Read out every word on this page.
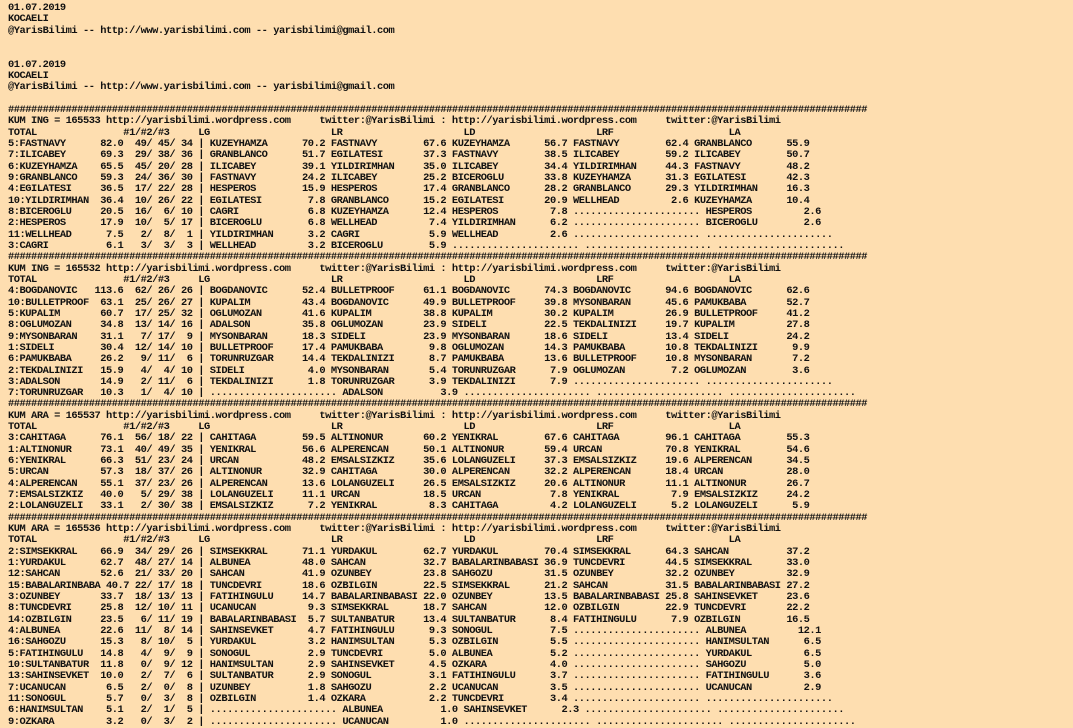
01.07.2019
KOCAELI
@YarisBilimi -- http://www.yarisbilimi.com -- yarisbilimi@gmail.com
01.07.2019
KOCAELI
@YarisBilimi -- http://www.yarisbilimi.com -- yarisbilimi@gmail.com
#####################################################################################################################################################
KUM ING = 165533 http://yarisbilimi.wordpress.com     twitter:@YarisBilimi : http://yarisbilimi.wordpress.com     twitter:@YarisBilimi
TOTAL               #1/#2/#3     LG                     LR                     LD                     LRF                    LA
5:FASTNAVY      82.0  49/ 45/ 34 | KUZEYHAMZA      70.2 FASTNAVY        67.6 KUZEYHAMZA      56.7 FASTNAVY        62.4 GRANBLANCO      55.9
7:ILICABEY      69.3  29/ 38/ 36 | GRANBLANCO      51.7 EGILATESI       37.3 FASTNAVY        38.5 ILICABEY        59.2 ILICABEY        50.7
6:KUZEYHAMZA    65.5  45/ 20/ 28 | ILICABEY        39.1 YILDIRIMHAN     35.0 ILICABEY        34.4 YILDIRIMHAN     44.3 FASTNAVY        48.2
9:GRANBLANCO    59.3  24/ 36/ 30 | FASTNAVY        24.2 ILICABEY        25.2 BICEROGLU       33.8 KUZEYHAMZA      31.3 EGILATESI       42.3
4:EGILATESI     36.5  17/ 22/ 28 | HESPEROS        15.9 HESPEROS        17.4 GRANBLANCO      28.2 GRANBLANCO      29.3 YILDIRIMHAN     16.3
10:YILDIRIMHAN  36.4  10/ 26/ 22 | EGILATESI        7.8 GRANBLANCO      15.2 EGILATESI       20.9 WELLHEAD         2.6 KUZEYHAMZA      10.4
8:BICEROGLU     20.5  16/  6/ 10 | CAGRI            6.8 KUZEYHAMZA      12.4 HESPEROS         7.8 ...................... HESPEROS         2.6
2:HESPEROS      17.9  10/  5/ 17 | BICEROGLU        6.8 WELLHEAD         7.4 YILDIRIMHAN      6.2 ...................... BICEROGLU        2.6
11:WELLHEAD      7.5   2/  8/  1 | YILDIRIMHAN      3.2 CAGRI            5.9 WELLHEAD         2.6 ...................... ......................
3:CAGRI          6.1   3/  3/  3 | WELLHEAD         3.2 BICEROGLU        5.9 ...................... ...................... ......................
#####################################################################################################################################################
KUM ING = 165532 http://yarisbilimi.wordpress.com     twitter:@YarisBilimi : http://yarisbilimi.wordpress.com     twitter:@YarisBilimi
TOTAL               #1/#2/#3     LG                     LR                     LD                     LRF                    LA
4:BOGDANOVIC   113.6  62/ 26/ 26 | BOGDANOVIC      52.4 BULLETPROOF     61.1 BOGDANOVIC      74.3 BOGDANOVIC      94.6 BOGDANOVIC      62.6
10:BULLETPROOF  63.1  25/ 26/ 27 | KUPALIM         43.4 BOGDANOVIC      49.9 BULLETPROOF     39.8 MYSONBARAN      45.6 PAMUKBABA       52.7
5:KUPALIM       60.7  17/ 25/ 32 | OGLUMOZAN       41.6 KUPALIM         38.8 KUPALIM         30.2 KUPALIM         26.9 BULLETPROOF     41.2
8:OGLUMOZAN     34.8  13/ 14/ 16 | ADALSON         35.8 OGLUMOZAN       23.9 SIDELI          22.5 TEKDALINIZI     19.7 KUPALIM         27.8
9:MYSONBARAN    31.1   7/ 17/  9 | MYSONBARAN      18.3 SIDELI          23.9 MYSONBARAN      18.6 SIDELI          13.4 SIDELI          24.2
1:SIDELI        30.4  12/ 14/ 10 | BULLETPROOF     17.4 PAMUKBABA        9.8 OGLUMOZAN       14.3 PAMUKBABA       10.8 TEKDALINIZI      9.9
6:PAMUKBABA     26.2   9/ 11/  6 | TORUNRUZGAR     14.4 TEKDALINIZI      8.7 PAMUKBABA       13.6 BULLETPROOF     10.8 MYSONBARAN       7.2
2:TEKDALINIZI   15.9   4/  4/ 10 | SIDELI           4.0 MYSONBARAN       5.4 TORUNRUZGAR      7.9 OGLUMOZAN        7.2 OGLUMOZAN        3.6
3:ADALSON       14.9   2/ 11/  6 | TEKDALINIZI      1.8 TORUNRUZGAR      3.9 TEKDALINIZI      7.9 ...................... ......................
7:TORUNRUZGAR   10.3   1/  4/ 10 | ...................... ADALSON          3.9 ...................... ...................... ......................
#####################################################################################################################################################
KUM ARA = 165537 http://yarisbilimi.wordpress.com     twitter:@YarisBilimi : http://yarisbilimi.wordpress.com     twitter:@YarisBilimi
TOTAL               #1/#2/#3     LG                     LR                     LD                     LRF                    LA
3:CAHITAGA      76.1  56/ 18/ 22 | CAHITAGA        59.5 ALTINONUR       60.2 YENIKRAL        67.6 CAHITAGA        96.1 CAHITAGA        55.3
1:ALTINONUR     73.1  40/ 49/ 35 | YENIKRAL        56.6 ALPERENCAN      50.1 ALTINONUR       59.4 URCAN           70.8 YENIKRAL        54.6
6:YENIKRAL      66.3  51/ 23/ 24 | URCAN           48.2 EMSALSIZKIZ     35.6 LOLANGUZELI     37.3 EMSALSIZKIZ     19.6 ALPERENCAN      34.5
5:URCAN         57.3  18/ 37/ 26 | ALTINONUR       32.9 CAHITAGA        30.0 ALPERENCAN      32.2 ALPERENCAN      18.4 URCAN           28.0
4:ALPERENCAN    55.1  37/ 23/ 26 | ALPERENCAN      13.6 LOLANGUZELI     26.5 EMSALSIZKIZ     20.6 ALTINONUR       11.1 ALTINONUR       26.7
7:EMSALSIZKIZ   40.0   5/ 29/ 38 | LOLANGUZELI     11.1 URCAN           18.5 URCAN            7.8 YENIKRAL         7.9 EMSALSIZKIZ     24.2
2:LOLANGUZELI   33.1   2/ 30/ 38 | EMSALSIZKIZ      7.2 YENIKRAL         8.3 CAHITAGA         4.2 LOLANGUZELI      5.2 LOLANGUZELI      5.9
#####################################################################################################################################################
KUM ARA = 165536 http://yarisbilimi.wordpress.com     twitter:@YarisBilimi : http://yarisbilimi.wordpress.com     twitter:@YarisBilimi
TOTAL               #1/#2/#3     LG                     LR                     LD                     LRF                    LA
2:SIMSEKKRAL    66.9  34/ 29/ 26 | SIMSEKKRAL      71.1 YURDAKUL        62.7 YURDAKUL        70.4 SIMSEKKRAL      64.3 SAHCAN          37.2
1:YURDAKUL      62.7  48/ 27/ 14 | ALBUNEA         48.0 SAHCAN          32.7 BABALARINBABASI 36.9 TUNCDEVRI       44.5 SIMSEKKRAL      33.0
12:SAHCAN       52.6  21/ 33/ 20 | SAHCAN          41.9 OZUNBEY         23.8 SAHGOZU         31.5 OZUNBEY         32.2 OZUNBEY         32.9
15:BABALARINBABA 40.7 22/ 17/ 18 | TUNCDEVRI       18.6 OZBILGIN        22.5 SIMSEKKRAL      21.2 SAHCAN          31.5 BABALARINBABASI 27.2
3:OZUNBEY       33.7  18/ 13/ 13 | FATIHINGULU     14.7 BABALARINBABASI 22.0 OZUNBEY         13.5 BABALARINBABASI 25.8 SAHINSEVKET     23.6
8:TUNCDEVRI     25.8  12/ 10/ 11 | UCANUCAN         9.3 SIMSEKKRAL      18.7 SAHCAN          12.0 OZBILGIN        22.9 TUNCDEVRI       22.2
14:OZBILGIN     23.5   6/ 11/ 19 | BABALARINBABASI  5.7 SULTANBATUR     13.4 SULTANBATUR      8.4 FATIHINGULU      7.9 OZBILGIN        16.5
4:ALBUNEA       22.6  11/  8/ 14 | SAHINSEVKET      4.7 FATIHINGULU      9.3 SONOGUL          7.5 ...................... ALBUNEA         12.1
16:SAHGOZU      15.3   8/ 10/  5 | YURDAKUL         3.2 HANIMSULTAN      5.3 OZBILGIN         5.5 ...................... HANIMSULTAN      6.5
5:FATIHINGULU   14.8   4/  9/  9 | SONOGUL          2.9 TUNCDEVRI        5.0 ALBUNEA          5.2 ...................... YURDAKUL         6.5
10:SULTANBATUR  11.8   0/  9/ 12 | HANIMSULTAN      2.9 SAHINSEVKET      4.5 OZKARA           4.0 ...................... SAHGOZU          5.0
13:SAHINSEVKET  10.0   2/  7/  6 | SULTANBATUR      2.9 SONOGUL          3.1 FATIHINGULU      3.7 ...................... FATIHINGULU      3.6
7:UCANUCAN       6.5   2/  0/  8 | UZUNBEY          1.8 SAHGOZU          2.2 UCANUCAN         3.5 ...................... UCANUCAN         2.9
11:SONOGUL       5.7   0/  3/  8 | OZBILGIN         1.4 OZKARA           2.2 TUNCDEVRI        3.4 ...................... ......................
6:HANIMSULTAN    5.1   2/  1/  5 | ...................... ALBUNEA          1.0 SAHINSEVKET      2.3 ...................... ......................
9:OZKARA         3.2   0/  3/  2 | ...................... UCANUCAN         1.0 ...................... ...................... ......................
